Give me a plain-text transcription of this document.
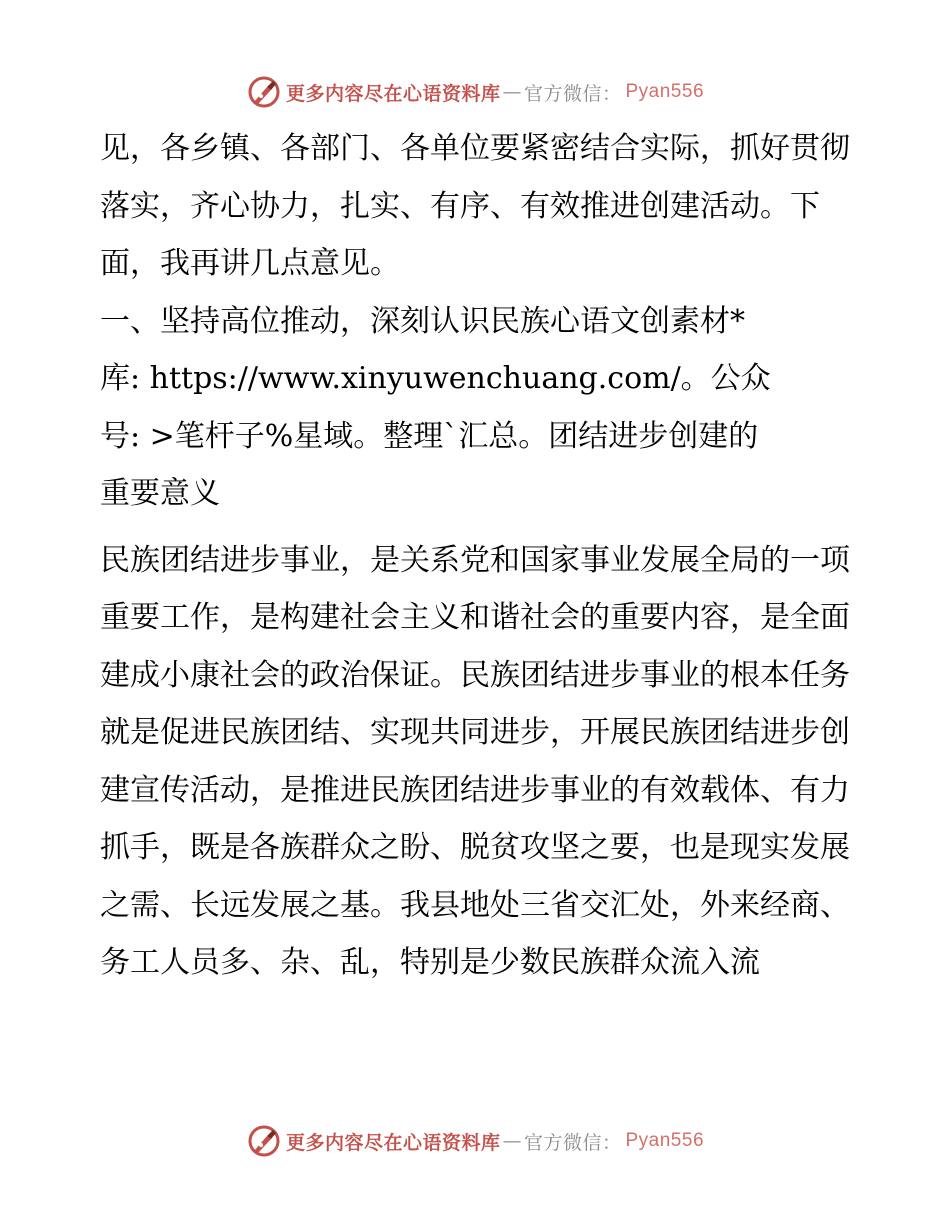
更多内容尽在心语资料库 — 官方微信： Pyan556

见，各乡镇、各部门、各单位要紧密结合实际，抓好贯彻落实，齐心协力，扎实、有序、有效推进创建活动。下面，我再讲几点意见。

一、坚持高位推动，深刻认识民族心语文创素材*

库: https://www.xinyuwenchuang.com/。公众

号: >笔杆子%星域。整理`汇总。团结进步创建的

重要意义

民族团结进步事业，是关系党和国家事业发展全局的一项重要工作，是构建社会主义和谐社会的重要内容，是全面建成小康社会的政治保证。民族团结进步事业的根本任务就是促进民族团结、实现共同进步，开展民族团结进步创建宣传活动，是推进民族团结进步事业的有效载体、有力抓手，既是各族群众之盼、脱贫攻坚之要，也是现实发展之需、长远发展之基。我县地处三省交汇处，外来经商、务工人员多、杂、乱，特别是少数民族群众流入流

更多内容尽在心语资料库 — 官方微信： Pyan556
